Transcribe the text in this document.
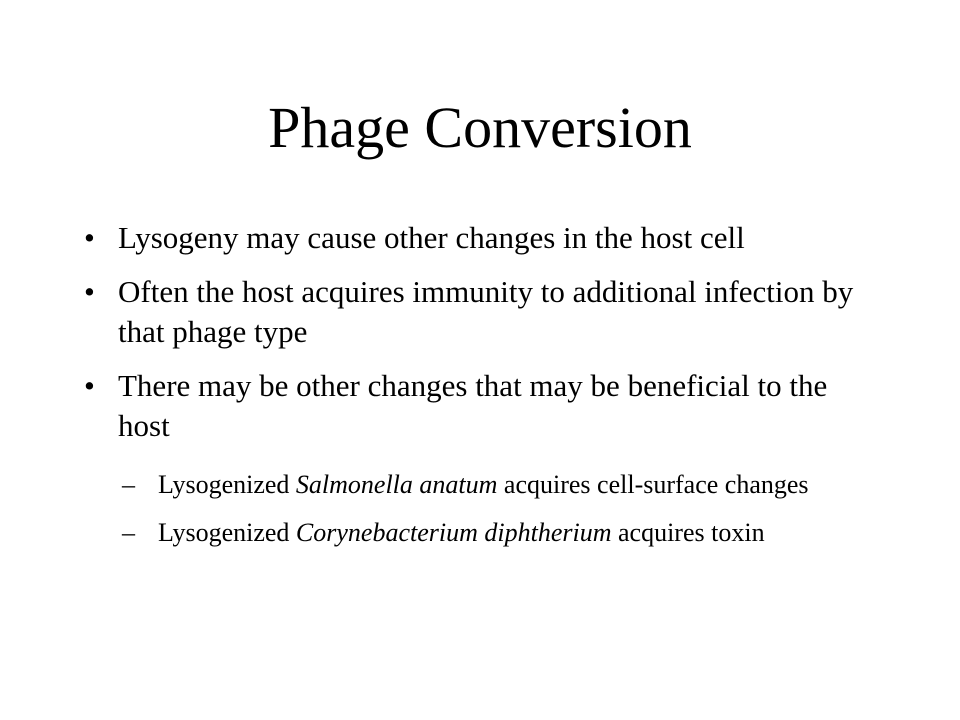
Phage Conversion
• Lysogeny may cause other changes in the host cell
• Often the host acquires immunity to additional infection by that phage type
• There may be other changes that may be beneficial to the host
– Lysogenized Salmonella anatum acquires cell-surface changes
– Lysogenized Corynebacterium diphtherium acquires toxin
